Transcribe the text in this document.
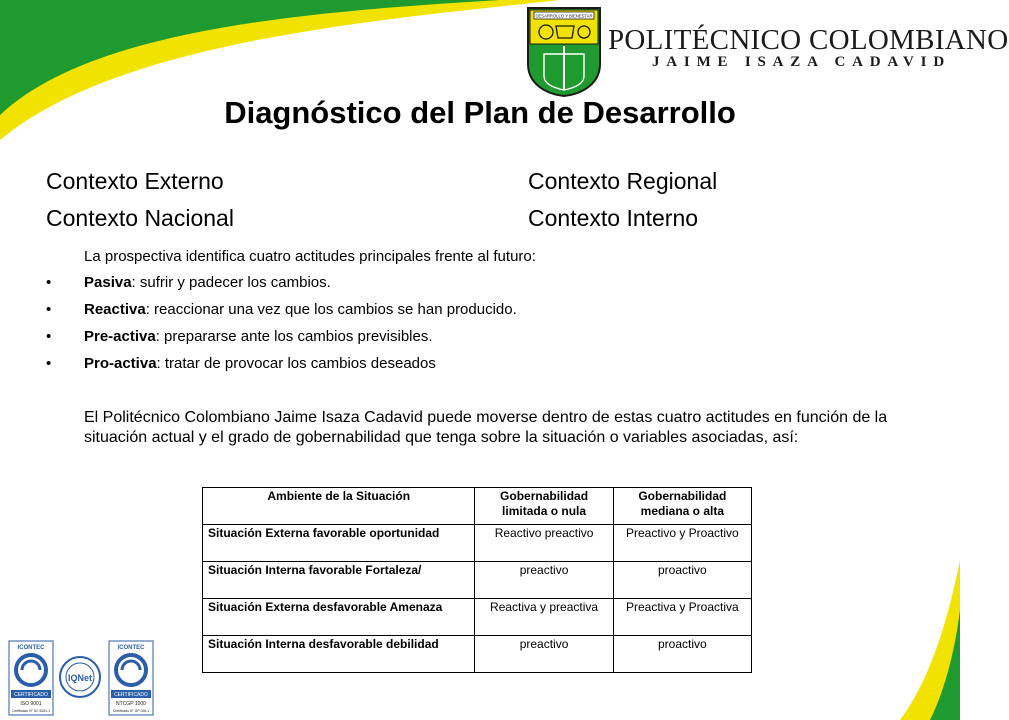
DESARROLLO Y BIENESTAR
POLITÉCNICO COLOMBIANO
JAIME ISAZA CADAVID
Diagnóstico del Plan de Desarrollo
Contexto Externo	Contexto Regional
Contexto Nacional	Contexto Interno
La prospectiva identifica cuatro actitudes principales frente al futuro:
• Pasiva: sufrir y padecer los cambios.
• Reactiva: reaccionar una vez que los cambios se han producido.
• Pre-activa: prepararse ante los cambios previsibles.
• Pro-activa: tratar de provocar los cambios deseados
El Politécnico Colombiano Jaime Isaza Cadavid puede moverse dentro de estas cuatro actitudes en función de la situación actual y el grado de gobernabilidad que tenga sobre la situación o variables asociadas, así:
Ambiente de la Situación	Gobernabilidad limitada o nula	Gobernabilidad mediana o alta
Situación Externa favorable oportunidad	Reactivo preactivo	Preactivo y Proactivo
Situación Interna favorable Fortaleza/	preactivo	proactivo
Situación Externa desfavorable Amenaza	Reactiva y preactiva	Preactiva y Proactiva
Situación Interna desfavorable debilidad	preactivo	proactivo
ICONTEC
CERTIFICADO
ISO 9001
Certificado N° SC 5281-1
IQNet
ICONTEC
CERTIFICADO
NTCGP 1000
Certificado N° GP 026-1
